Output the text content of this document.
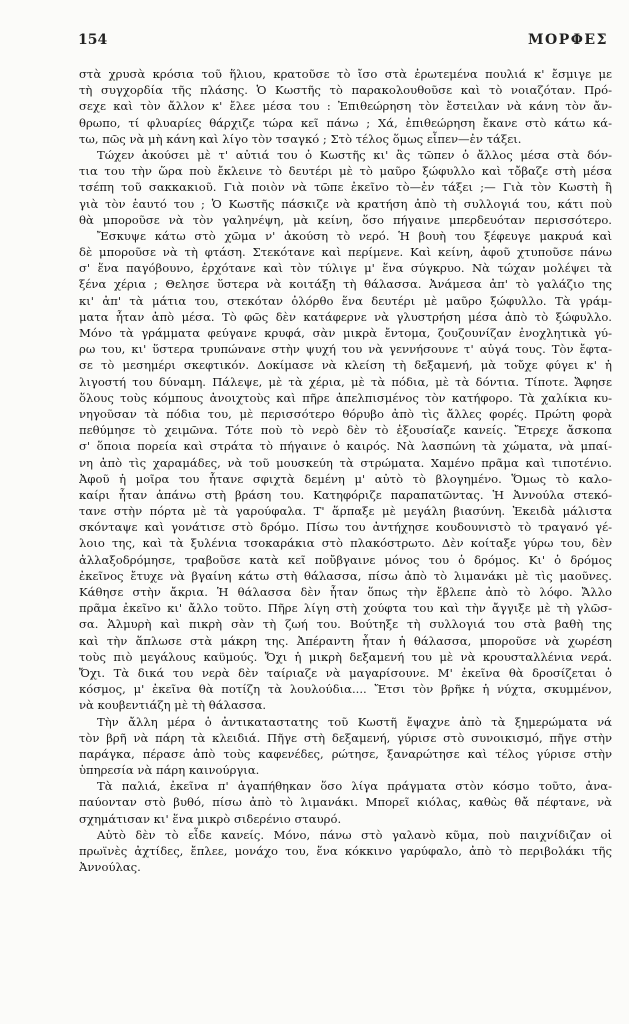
154	ΜΟΡΦΕΣ
στὰ χρυσὰ κρόσια τοῦ ἥλιου, κρατοῦσε τὸ ἴσο στὰ ἐρωτεμένα πουλιά κ' ἔσμιγε με
τὴ συγχορδία τῆς πλάσης. Ὁ Κωστῆς τὸ παρακολουθοῦσε καὶ τὸ νοιαζόταν. Πρό-
σεχε καὶ τὸν ἄλλον κ' ἔλεε μέσα του : Ἐπιθεώρηση τὸν ἔστειλαν νὰ κάνη τὸν ἄν-
θρωπο, τί φλυαρίες θάρχιζε τώρα κεῖ πάνω ; Χά, ἐπιθεώρηση ἔκανε στὸ κάτω κά-
τω, πῶς νὰ μὴ κάνη καὶ λίγο τὸν τσαγκό ; Στὸ τέλος ὅμως εἶπεν—ἐν τάξει.
Τώχεν ἀκούσει μὲ τ' αὐτιά του ὁ Κωστῆς κι' ἂς τῶπεν ὁ ἄλλος μέσα στὰ δόν-
τια του τὴν ὥρα ποὺ ἔκλεινε τὸ δευτέρι μὲ τὸ μαῦρο ξώφυλλο καὶ τὄβαζε στὴ μέσα
τσέπη τοῦ σακκακιοῦ. Γιὰ ποιὸν νὰ τῶπε ἐκεῖνο τὸ—ἐν τάξει ;— Γιὰ τὸν Κωστὴ ἢ
γιὰ τὸν ἑαυτό του ; Ὁ Κωστῆς πάσκιζε νὰ κρατήση ἀπὸ τὴ συλλογιά του, κάτι ποὺ
θὰ μποροῦσε νὰ τὸν γαληνέψη, μὰ κείνη, ὅσο πήγαινε μπερδευόταν περισσότερο.
Ἔσκυψε κάτω στὸ χῶμα ν' ἀκούση τὸ νερό. Ἡ βουὴ του ξέφευγε μακρυά καὶ
δὲ μποροῦσε νὰ τὴ φτάση. Στεκότανε καὶ περίμενε. Καὶ κείνη, ἀφοῦ χτυποῦσε πάνω
σ' ἕνα παγόβουνο, ἐρχότανε καὶ τὸν τύλιγε μ' ἕνα σύγκρυο. Νὰ τώχαν μολέψει τὰ
ξένα χέρια ; Θελησε ὕστερα νὰ κοιτάξη τὴ θάλασσα. Ἀνάμεσα ἀπ' τὸ γαλάζιο της
κι' ἀπ' τὰ μάτια του, στεκόταν ὀλόρθο ἕνα δευτέρι μὲ μαῦρο ξώφυλλο. Τὰ γράμ-
ματα ἦταν ἀπὸ μέσα. Τὸ φῶς δὲν κατάφερνε νὰ γλυστρήση μέσα ἀπὸ τὸ ξώφυλλο.
Μόνο τὰ γράμματα φεύγανε κρυφά, σὰν μικρὰ ἔντομα, ζουζουνίζαν ἐνοχλητικὰ γύ-
ρω του, κι' ὕστερα τρυπώνανε στὴν ψυχή του νὰ γεννήσουνε τ' αὐγά τους. Τὸν ἔφτα-
σε τὸ μεσημέρι σκεφτικόν. Δοκίμασε νὰ κλείση τὴ δεξαμενή, μὰ τοὔχε φύγει κ' ἡ
λιγοστή του δύναμη. Πάλεψε, μὲ τὰ χέρια, μὲ τὰ πόδια, μὲ τὰ δόντια. Τίποτε. Ἄφησε
ὅλους τοὺς κόμπους ἀνοιχτοὺς καὶ πῆρε ἀπελπισμένος τὸν κατήφορο. Τὰ χαλίκια κυ-
νηγοῦσαν τὰ πόδια του, μὲ περισσότερο θόρυβο ἀπὸ τὶς ἄλλες φορές. Πρώτη φορὰ
πεθύμησε τὸ χειμῶνα. Τότε ποὺ τὸ νερὸ δὲν τὸ ἐξουσίαζε κανείς. Ἔτρεχε ἄσκοπα
σ' ὅποια πορεία καὶ στράτα τὸ πήγαινε ὁ καιρός. Νὰ λασπώνη τὰ χώματα, νὰ μπαί-
νη ἀπὸ τὶς χαραμάδες, νὰ τοῦ μουσκεύη τὰ στρώματα. Χαμένο πρᾶμα καὶ τιποτένιο.
Ἀφοῦ ἡ μοῖρα του ἦτανε σφιχτὰ δεμένη μ' αὐτὸ τὸ βλογημένο. Ὅμως τὸ καλο-
καίρι ἦταν ἀπάνω στὴ βράση του. Κατηφόριζε παραπατῶντας. Ἡ Ἀννούλα στεκό-
τανε στὴν πόρτα μὲ τὰ γαρούφαλα. Τ' ἅρπαξε μὲ μεγάλη βιασύνη. Ἐκειδὰ μάλιστα
σκόνταψε καὶ γονάτισε στὸ δρόμο. Πίσω του ἀντήχησε κουδουνιστὸ τὸ τραγανό γέ-
λοιο της, καὶ τὰ ξυλένια τσοκαράκια στὸ πλακόστρωτο. Δὲν κοίταξε γύρω του, δὲν
ἀλλαξοδρόμησε, τραβοῦσε κατὰ κεῖ ποὔβγαινε μόνος του ὁ δρόμος. Κι' ὁ δρόμος
ἐκεῖνος ἔτυχε νὰ βγαίνη κάτω στὴ θάλασσα, πίσω ἀπὸ τὸ λιμανάκι μὲ τὶς μαοῦνες.
Κάθησε στὴν ἄκρια. Ἡ θάλασσα δὲν ἦταν ὅπως τὴν ἔβλεπε ἀπὸ τὸ λόφο. Ἄλλο
πρᾶμα ἐκεῖνο κι' ἄλλο τοῦτο. Πῆρε λίγη στὴ χούφτα του καὶ τὴν ἄγγιξε μὲ τὴ γλῶσ-
σα. Ἁλμυρὴ καὶ πικρὴ σὰν τὴ ζωή του. Βούτηξε τὴ συλλογιά του στὰ βαθὴ της
καὶ τὴν ἅπλωσε στὰ μάκρη της. Ἀπέραντη ἦταν ἡ θάλασσα, μποροῦσε νὰ χωρέση
τοὺς πιὸ μεγάλους καϋμούς. Ὄχι ἡ μικρὴ δεξαμενή του μὲ νὰ κρουσταλλένια νερά.
Ὄχι. Τὰ δικά του νερὰ δὲν ταίριαζε νὰ μαγαρίσουνε. Μ' ἐκεῖνα θὰ δροσίζεται ὁ
κόσμος, μ' ἐκεῖνα θὰ ποτίζη τὰ λουλούδια.... Ἔτσι τὸν βρῆκε ἡ νύχτα, σκυμμένον,
νὰ κουβεντιάζη μὲ τὴ θάλασσα.
Τὴν ἄλλη μέρα ὁ ἀντικαταστατης τοῦ Κωστῆ ἔψαχνε ἀπὸ τὰ ξημερώματα νά
τὸν βρῆ νὰ πάρη τὰ κλειδιά. Πῆγε στὴ δεξαμενή, γύρισε στὸ συνοικισμό, πῆγε στὴν
παράγκα, πέρασε ἀπὸ τοὺς καφενέδες, ρώτησε, ξαναρώτησε καὶ τέλος γύρισε στὴν
ὑπηρεσία νὰ πάρη καινούργια.
Τὰ παλιά, ἐκεῖνα π' ἀγαπήθηκαν ὅσο λίγα πράγματα στὸν κόσμο τοῦτο, ἀνα-
παύονταν στὸ βυθό, πίσω ἀπὸ τὸ λιμανάκι. Μπορεῖ κιόλας, καθὼς θἄ πέφτανε, νὰ
σχημάτισαν κι' ἕνα μικρὸ σιδερένιο σταυρό.
Αὐτὸ δὲν τὸ εἶδε κανείς. Μόνο, πάνω στὸ γαλανὸ κῦμα, ποὺ παιχνίδιζαν οἱ
πρωϊνὲς ἀχτίδες, ἔπλεε, μονάχο του, ἕνα κόκκινο γαρύφαλο, ἀπὸ τὸ περιβολάκι τῆς
Ἀννούλας.
